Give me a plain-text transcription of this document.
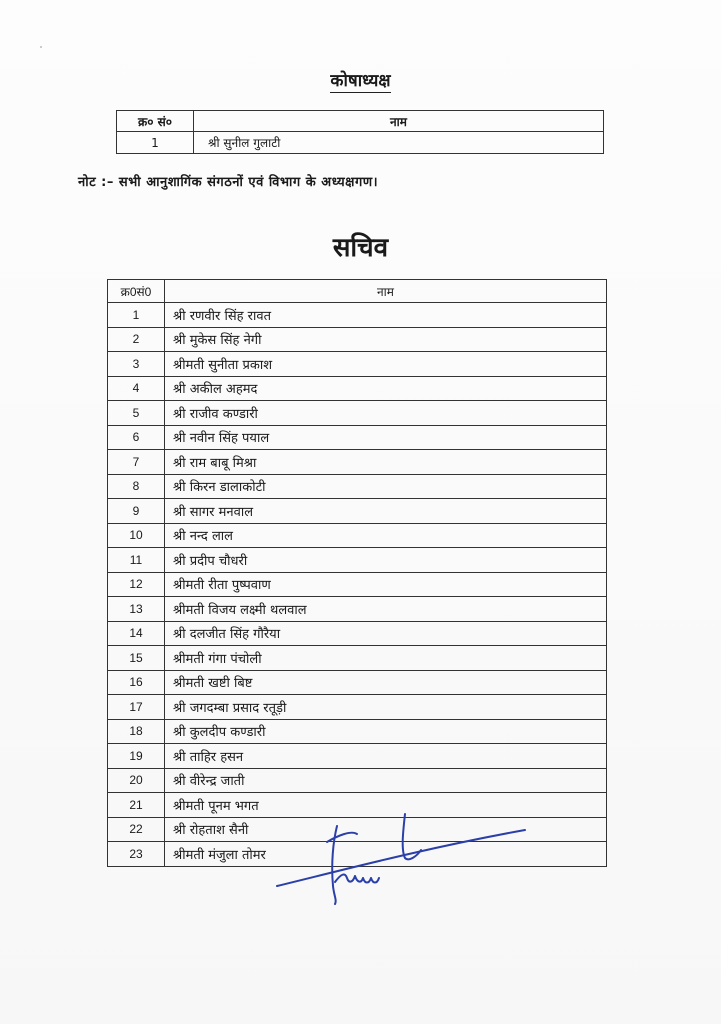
कोषाध्यक्ष
क्र० सं०	नाम
1	श्री सुनील गुलाटी
नोट :– सभी आनुशागिंक संगठनों एवं विभाग के अध्यक्षगण।
सचिव
क्र0सं0	नाम
1	श्री रणवीर सिंह रावत
2	श्री मुकेस सिंह नेगी
3	श्रीमती सुनीता प्रकाश
4	श्री अकील अहमद
5	श्री राजीव कण्डारी
6	श्री नवीन सिंह पयाल
7	श्री राम बाबू मिश्रा
8	श्री किरन डालाकोटी
9	श्री सागर मनवाल
10	श्री नन्द लाल
11	श्री प्रदीप चौधरी
12	श्रीमती रीता पुष्पवाण
13	श्रीमती विजय लक्ष्मी थलवाल
14	श्री दलजीत सिंह गौरैया
15	श्रीमती गंगा पंचोली
16	श्रीमती खष्टी बिष्ट
17	श्री जगदम्बा प्रसाद रतूड़ी
18	श्री कुलदीप कण्डारी
19	श्री ताहिर हसन
20	श्री वीरेन्द्र जाती
21	श्रीमती पूनम भगत
22	श्री रोहताश सैनी
23	श्रीमती मंजुला तोमर
